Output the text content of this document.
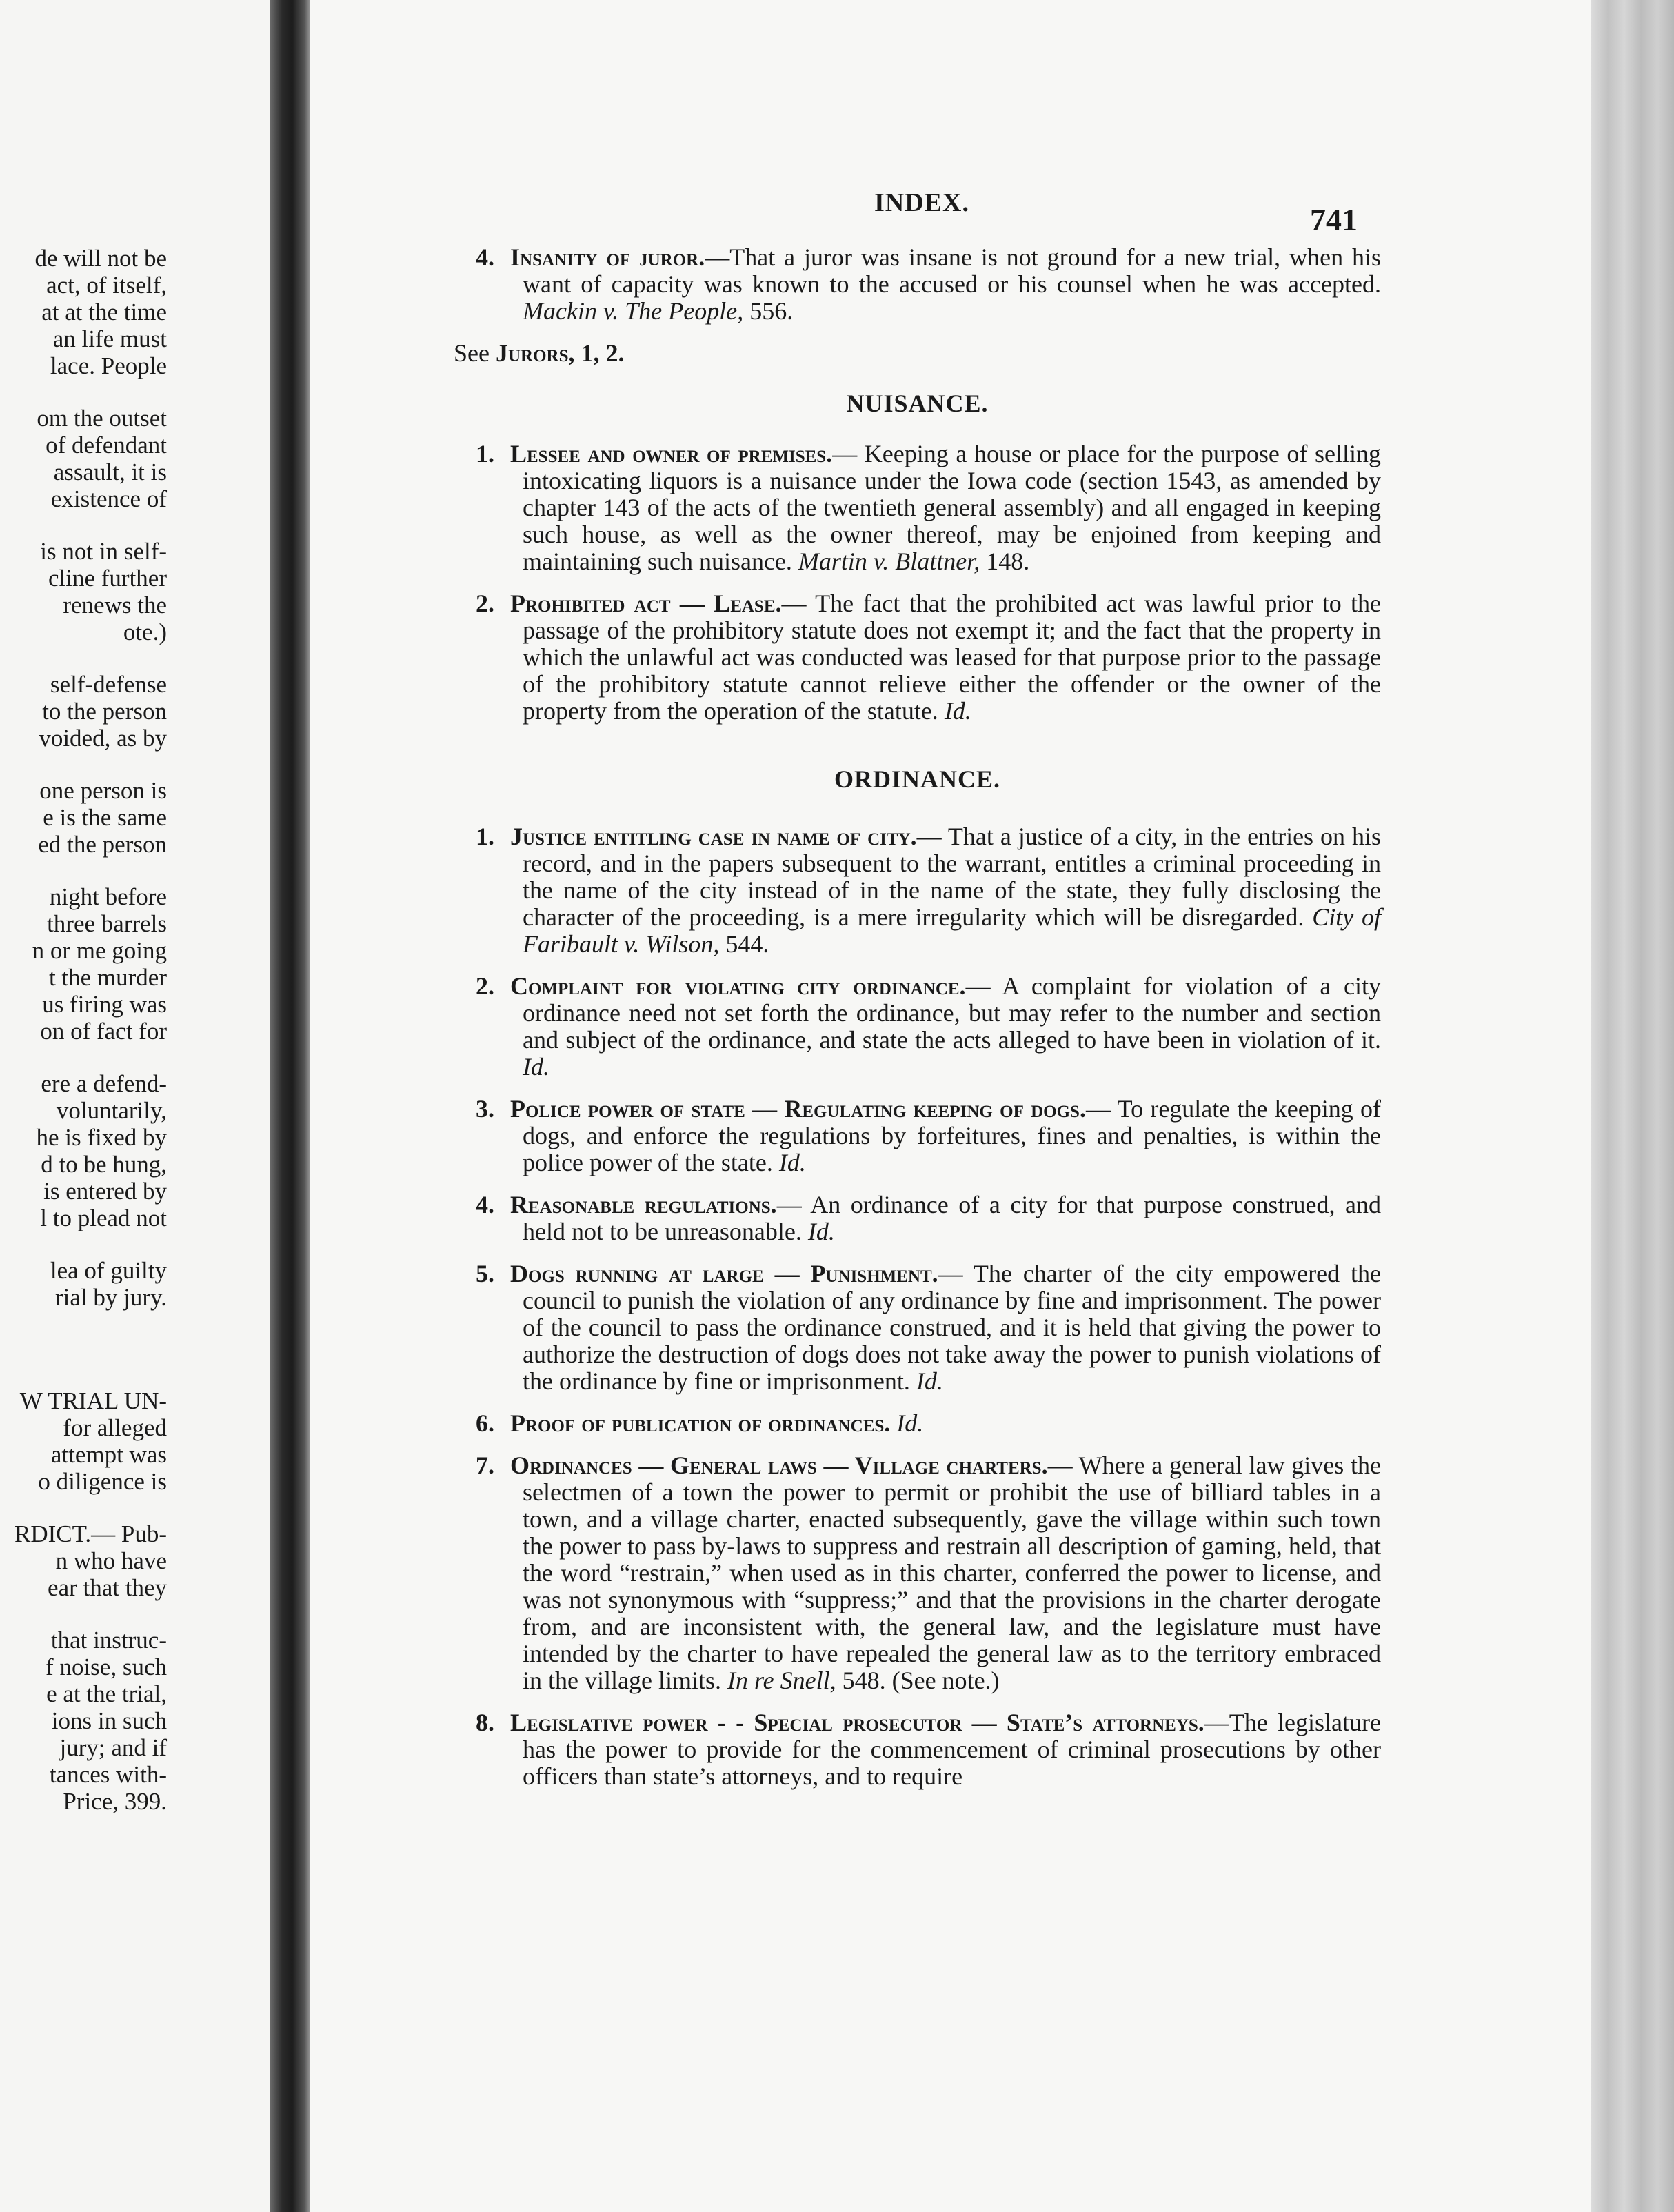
de will not be
act, of itself,
at at the time
an life must
lace. People
om the outset
of defendant
assault, it is
existence of
is not in self-
cline further
renews the
ote.)
self-defense
to the person
voided, as by
one person is
e is the same
ed the person
night before
three barrels
n or me going
t the murder
us firing was
on of fact for
ere a defend-
voluntarily,
he is fixed by
d to be hung,
is entered by
l to plead not
lea of guilty
rial by jury.
W TRIAL UN-
for alleged
attempt was
o diligence is
RDICT.— Pub-
n who have
ear that they
that instruc-
f noise, such
e at the trial,
ions in such
jury; and if
tances with-
Price, 399.
INDEX.	741

4. Insanity of juror.—That a juror was insane is not ground for a new trial, when his want of capacity was known to the accused or his counsel when he was accepted. Mackin v. The People, 556.

See Jurors, 1, 2.
NUISANCE.

1. Lessee and owner of premises.— Keeping a house or place for the purpose of selling intoxicating liquors is a nuisance under the Iowa code (section 1543, as amended by chapter 143 of the acts of the twentieth general assembly) and all engaged in keeping such house, as well as the owner thereof, may be enjoined from keeping and maintaining such nuisance. Martin v. Blattner, 148.

2. Prohibited act — Lease.— The fact that the prohibited act was lawful prior to the passage of the prohibitory statute does not exempt it; and the fact that the property in which the unlawful act was conducted was leased for that purpose prior to the passage of the prohibitory statute cannot relieve either the offender or the owner of the property from the operation of the statute. Id.

ORDINANCE.

1. Justice entitling case in name of city.— That a justice of a city, in the entries on his record, and in the papers subsequent to the warrant, entitles a criminal proceeding in the name of the city instead of in the name of the state, they fully disclosing the character of the proceeding, is a mere irregularity which will be disregarded. City of Faribault v. Wilson, 544.

2. Complaint for violating city ordinance.— A complaint for violation of a city ordinance need not set forth the ordinance, but may refer to the number and section and subject of the ordinance, and state the acts alleged to have been in violation of it. Id.

3. Police power of state — Regulating keeping of dogs.— To regulate the keeping of dogs, and enforce the regulations by forfeitures, fines and penalties, is within the police power of the state. Id.

4. Reasonable regulations.— An ordinance of a city for that purpose construed, and held not to be unreasonable. Id.

5. Dogs running at large — Punishment.— The charter of the city empowered the council to punish the violation of any ordinance by fine and imprisonment. The power of the council to pass the ordinance construed, and it is held that giving the power to authorize the destruction of dogs does not take away the power to punish violations of the ordinance by fine or imprisonment. Id.

6. Proof of publication of ordinances. Id.

7. Ordinances — General laws — Village charters.— Where a general law gives the selectmen of a town the power to permit or prohibit the use of billiard tables in a town, and a village charter, enacted subsequently, gave the village within such town the power to pass by-laws to suppress and restrain all description of gaming, held, that the word “restrain,” when used as in this charter, conferred the power to license, and was not synonymous with “suppress;” and that the provisions in the charter derogate from, and are inconsistent with, the general law, and the legislature must have intended by the charter to have repealed the general law as to the territory embraced in the village limits. In re Snell, 548. (See note.)

8. Legislative power - - Special prosecutor — State’s attorneys.—The legislature has the power to provide for the commencement of criminal prosecutions by other officers than state’s attorneys, and to require
